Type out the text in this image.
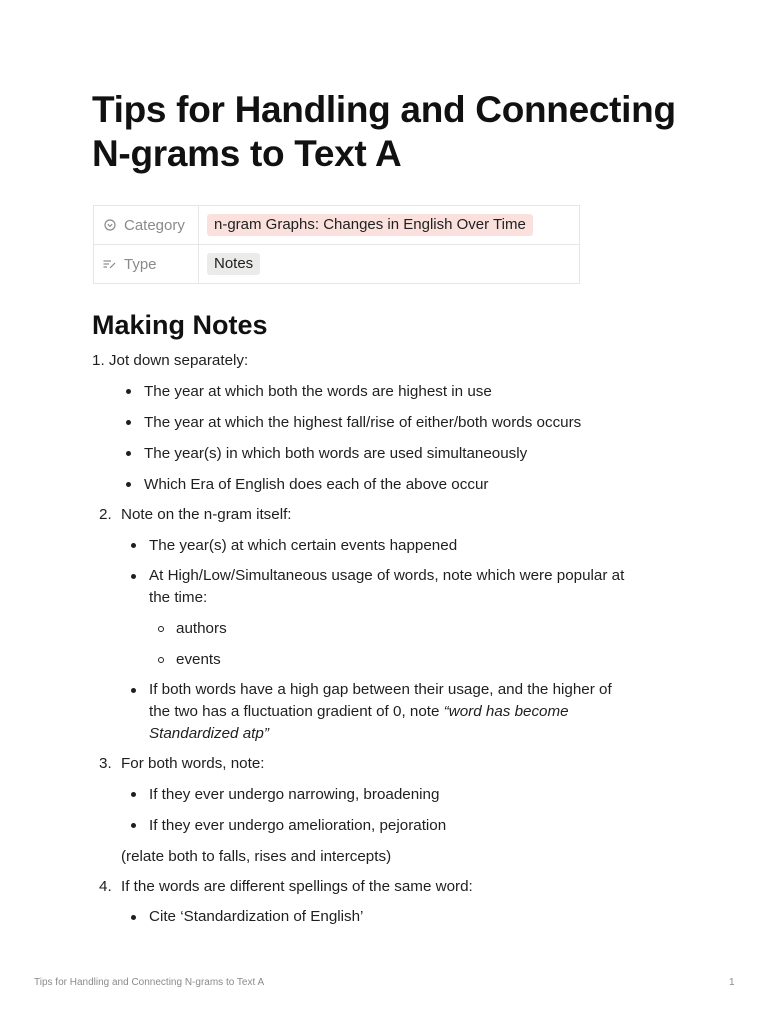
Tips for Handling and Connecting N-grams to Text A
Category	n-gram Graphs: Changes in English Over Time
Type	Notes
Making Notes

1. Jot down separately:

The year at which both the words are highest in use

The year at which the highest fall/rise of either/both words occurs

The year(s) in which both words are used simultaneously

Which Era of English does each of the above occur

2. Note on the n-gram itself:

The year(s) at which certain events happened

At High/Low/Simultaneous usage of words, note which were popular at

the time:

authors

events

If both words have a high gap between their usage, and the higher of

the two has a fluctuation gradient of 0, note “word has become

Standardized atp”

3. For both words, note:

If they ever undergo narrowing, broadening

If they ever undergo amelioration, pejoration

(relate both to falls, rises and intercepts)

4. If the words are different spellings of the same word:

Cite ‘Standardization of English’

Tips for Handling and Connecting N-grams to Text A	1
